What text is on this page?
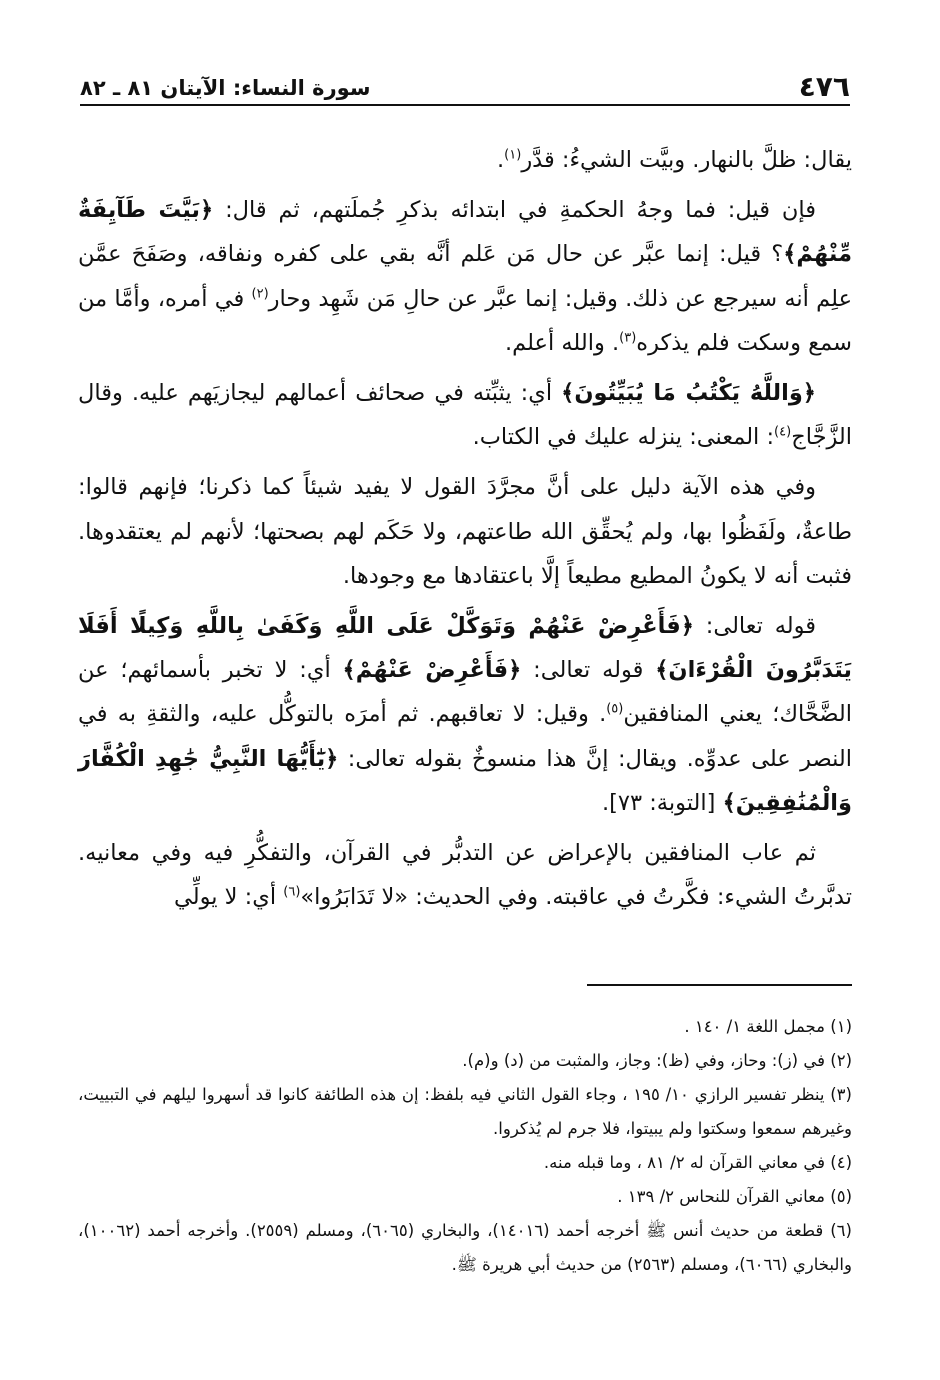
٤٧٦
سورة النساء: الآيتان ٨١ ـ ٨٢

يقال: ظلَّ بالنهار. وبيَّت الشيءُ: قدَّر$^{(١)}$.

فإن قيل: فما وجهُ الحكمةِ في ابتدائه بذكرِ جُملَتهم، ثم قال: ﴿بَيَّتَ طَآيِفَةٌ مِّنْهُمْ﴾؟ قيل: إنما عبَّر عن حال مَن عَلم أنَّه بقي على كفره ونفاقه، وصَفَحَ عمَّن علِم أنه سيرجع عن ذلك. وقيل: إنما عبَّر عن حالِ مَن شَهِد وحار$^{(٢)}$ في أمره، وأمَّا من سمع وسكت فلم يذكره$^{(٣)}$. والله أعلم.

﴿وَاللَّهُ يَكْتُبُ مَا يُبَيِّتُونَ﴾ أي: يثبِّته في صحائف أعمالهم ليجازيَهم عليه. وقال الزَّجَّاج$^{(٤)}$: المعنى: ينزله عليك في الكتاب.

وفي هذه الآية دليل على أنَّ مجرَّدَ القول لا يفيد شيئاً كما ذكرنا؛ فإنهم قالوا: طاعةٌ، ولَفَظُوا بها، ولم يُحقِّق الله طاعتهم، ولا حَكَم لهم بصحتها؛ لأنهم لم يعتقدوها. فثبت أنه لا يكونُ المطيع مطيعاً إلَّا باعتقادها مع وجودها.

قوله تعالى: ﴿فَأَعْرِضْ عَنْهُمْ وَتَوَكَّلْ عَلَى اللَّهِ وَكَفَىٰ بِاللَّهِ وَكِيلًا أَفَلَا يَتَدَبَّرُونَ الْقُرْءَانَ﴾ قوله تعالى: ﴿فَأَعْرِضْ عَنْهُمْ﴾ أي: لا تخبر بأسمائهم؛ عن الضَّحَّاك؛ يعني المنافقين$^{(٥)}$. وقيل: لا تعاقبهم. ثم أمرَه بالتوكُّل عليه، والثقةِ به في النصر على عدوِّه. ويقال: إنَّ هذا منسوخٌ بقوله تعالى: ﴿يَٰٓأَيُّهَا النَّبِيُّ جَٰهِدِ الْكُفَّارَ وَالْمُنَٰفِقِينَ﴾ [التوبة: ٧٣].

ثم عاب المنافقين بالإعراض عن التدبُّر في القرآن، والتفكُّرِ فيه وفي معانيه. تدبَّرتُ الشيء: فكَّرتُ في عاقبته. وفي الحديث: «لا تَدَابَرُوا»$^{(٦)}$ أي: لا يولِّي

(١) مجمل اللغة ١/ ١٤٠ .

(٢) في (ز): وحاز، وفي (ظ): وجاز، والمثبت من (د) و(م).

(٣) ينظر تفسير الرازي ١٠/ ١٩٥ ، وجاء القول الثاني فيه بلفظ: إن هذه الطائفة كانوا قد أسهروا ليلهم في التبييت، وغيرهم سمعوا وسكتوا ولم يبيتوا، فلا جرم لم يُذكروا.

(٤) في معاني القرآن له ٢/ ٨١ ، وما قبله منه.

(٥) معاني القرآن للنحاس ٢/ ١٣٩ .

(٦) قطعة من حديث أنس ﷺ أخرجه أحمد (١٤٠١٦)، والبخاري (٦٠٦٥)، ومسلم (٢٥٥٩). وأخرجه أحمد (١٠٠٦٢)، والبخاري (٦٠٦٦)، ومسلم (٢٥٦٣) من حديث أبي هريرة ﷺ.
